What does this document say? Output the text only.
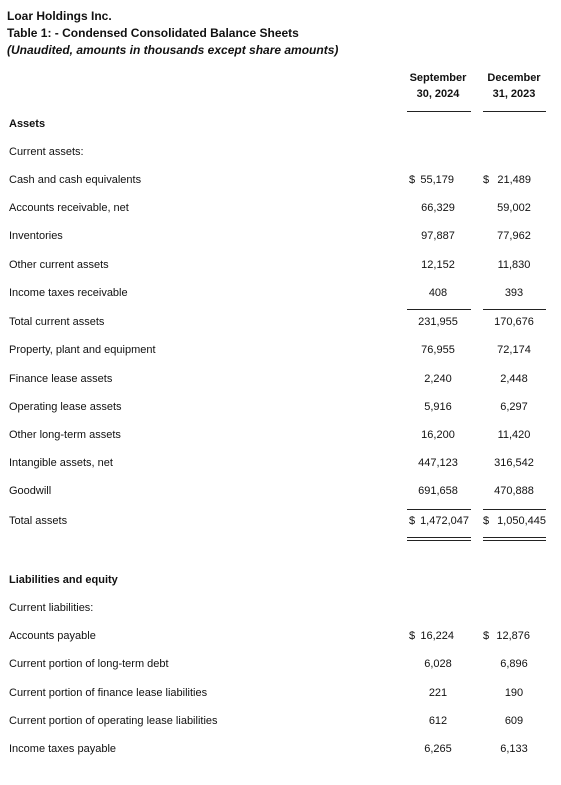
Loar Holdings Inc.
Table 1: - Condensed Consolidated Balance Sheets
(Unaudited, amounts in thousands except share amounts)
September
30, 2024
December
31, 2023
Assets
Current assets:
Cash and cash equivalents	$ 55,179	$ 21,489
Accounts receivable, net	66,329	59,002
Inventories	97,887	77,962
Other current assets	12,152	11,830
Income taxes receivable	408	393
Total current assets	231,955	170,676
Property, plant and equipment	76,955	72,174
Finance lease assets	2,240	2,448
Operating lease assets	5,916	6,297
Other long-term assets	16,200	11,420
Intangible assets, net	447,123	316,542
Goodwill	691,658	470,888
Total assets	$ 1,472,047 $ 1,050,445
Liabilities and equity
Current liabilities:
Accounts payable	$ 16,224	$ 12,876
Current portion of long-term debt	6,028	6,896
Current portion of finance lease liabilities	221	190
Current portion of operating lease liabilities	612	609
Income taxes payable	6,265	6,133
